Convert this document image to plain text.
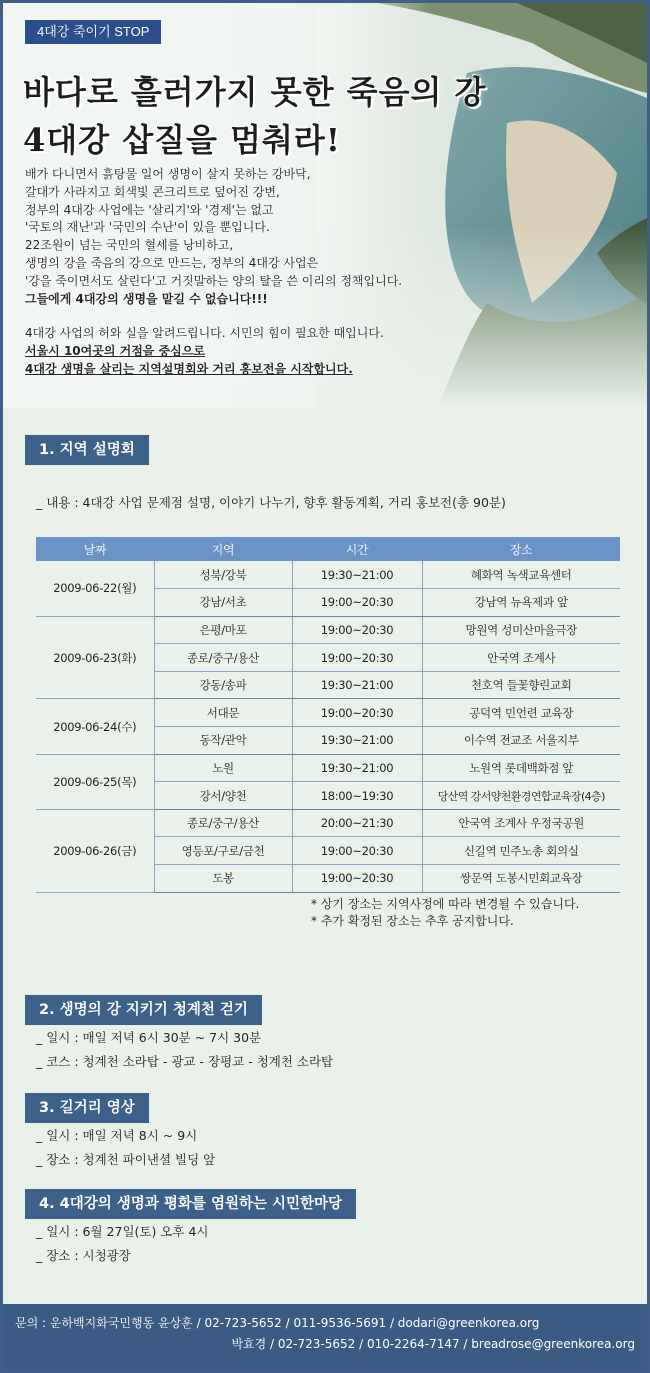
4대강 죽이기 STOP
바다로 흘러가지 못한 죽음의 강
4대강 삽질을 멈춰라!

배가 다니면서 흙탕물 일어 생명이 살지 못하는 강바닥,

갈대가 사라지고 회색빛 콘크리트로 덮어진 강변,

정부의 4대강 사업에는 '살리기'와 '경제'는 없고

'국토의 재난'과 '국민의 수난'이 있을 뿐입니다.

22조원이 넘는 국민의 혈세를 낭비하고,

생명의 강을 죽음의 강으로 만드는, 정부의 4대강 사업은

'강을 죽이면서도 살린다'고 거짓말하는 양의 탈을 쓴 이리의 정책입니다.

그들에게 4대강의 생명을 맡길 수 없습니다!!!

4대강 사업의 허와 실을 알려드립니다. 시민의 힘이 필요한 때입니다.

서울시 10여곳의 거점을 중심으로

4대강 생명을 살리는 지역설명회와 거리 홍보전을 시작합니다.

1. 지역 설명회
_ 내용 : 4대강 사업 문제점 설명, 이야기 나누기, 향후 활동계획, 거리 홍보전(총 90분)
날짜	지역	시간	장소
2009-06-22(월)	성북/강북	19:30~21:00	혜화역 녹색교육센터
	강남/서초	19:00~20:30	강남역 뉴욕제과 앞
2009-06-23(화)	은평/마포	19:00~20:30	망원역 성미산마을극장
	종로/중구/용산	19:00~20:30	안국역 조계사
	강동/송파	19:30~21:00	천호역 들꽃향린교회
2009-06-24(수)	서대문	19:00~20:30	공덕역 민언련 교육장
	동작/관악	19:30~21:00	이수역 전교조 서울지부
2009-06-25(목)	노원	19:30~21:00	노원역 롯데백화점 앞
	강서/양천	18:00~19:30	당산역 강서양천환경연합교육장(4층)
2009-06-26(금)	종로/중구/용산	20:00~21:30	안국역 조계사 우정국공원
	영등포/구로/금천	19:00~20:30	신길역 민주노총 회의실
	도봉	19:00~20:30	쌍문역 도봉시민회교육장

* 상기 장소는 지역사정에 따라 변경될 수 있습니다.

* 추가 확정된 장소는 추후 공지합니다.

2. 생명의 강 지키기 청계천 걷기
_ 일시 : 매일 저녁 6시 30분 ~ 7시 30분
_ 코스 : 청계천 소라탑 - 광교 - 장평교 - 청계천 소라탑
3. 길거리 영상
_ 일시 : 매일 저녁 8시 ~ 9시
_ 장소 : 청계천 파이낸셜 빌딩 앞
4. 4대강의 생명과 평화를 염원하는 시민한마당
_ 일시 : 6월 27일(토) 오후 4시
_ 장소 : 시청광장
문의 : 운하백지화국민행동 윤상훈 / 02-723-5652 / 011-9536-5691 / dodari@greenkorea.org
박효경 / 02-723-5652 / 010-2264-7147 / breadrose@greenkorea.org
